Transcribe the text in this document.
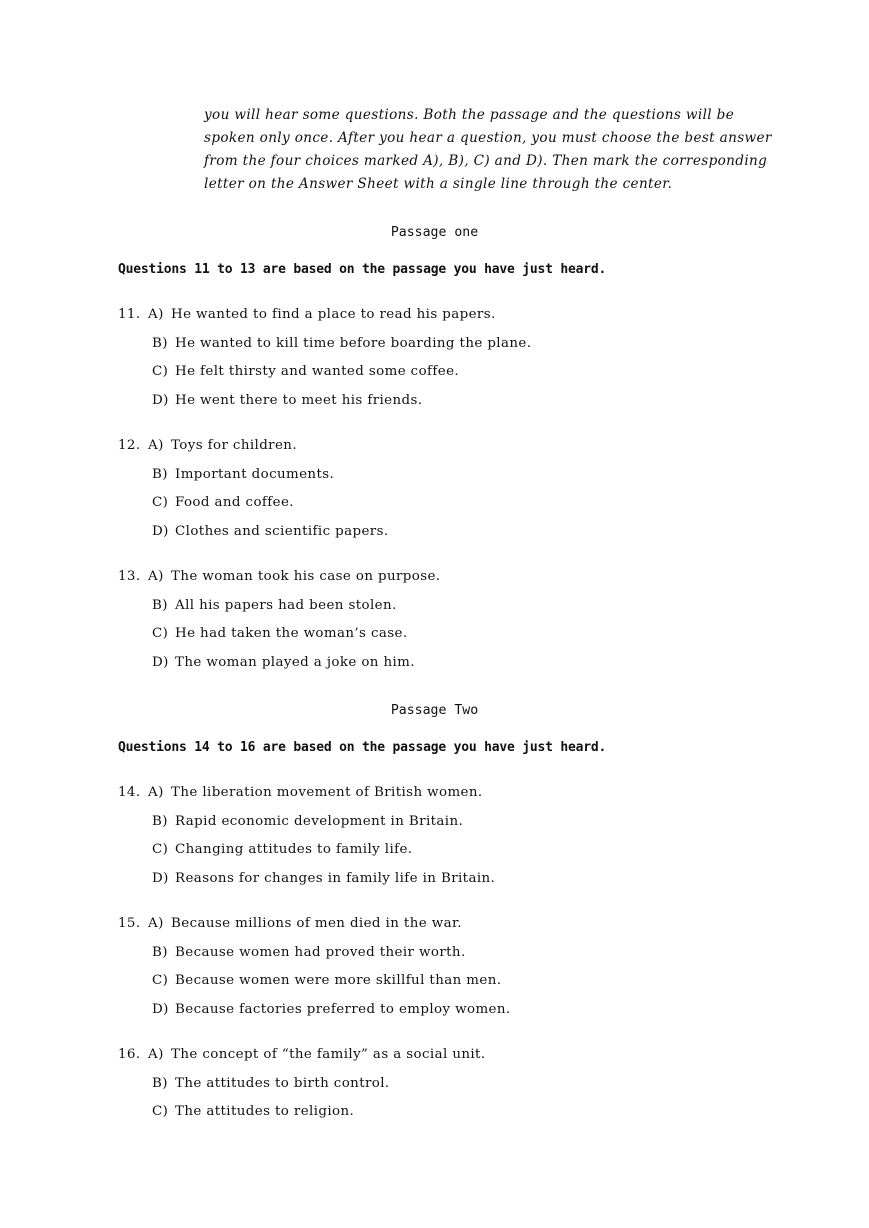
you will hear some questions. Both the passage and the questions will be
spoken only once. After you hear a question, you must choose the best answer
from the four choices marked A), B), C) and D). Then mark the corresponding
letter on the Answer Sheet with a single line through the center.

Passage one

Questions 11 to 13 are based on the passage you have just heard.

11. A) He wanted to find a place to read his papers.
B) He wanted to kill time before boarding the plane.
C) He felt thirsty and wanted some coffee.
D) He went there to meet his friends.
12. A) Toys for children.
B) Important documents.
C) Food and coffee.
D) Clothes and scientific papers.
13. A) The woman took his case on purpose.
B) All his papers had been stolen.
C) He had taken the woman’s case.
D) The woman played a joke on him.
Passage Two

Questions 14 to 16 are based on the passage you have just heard.

14. A) The liberation movement of British women.
B) Rapid economic development in Britain.
C) Changing attitudes to family life.
D) Reasons for changes in family life in Britain.
15. A) Because millions of men died in the war.
B) Because women had proved their worth.
C) Because women were more skillful than men.
D) Because factories preferred to employ women.
16. A) The concept of “the family” as a social unit.
B) The attitudes to birth control.
C) The attitudes to religion.
